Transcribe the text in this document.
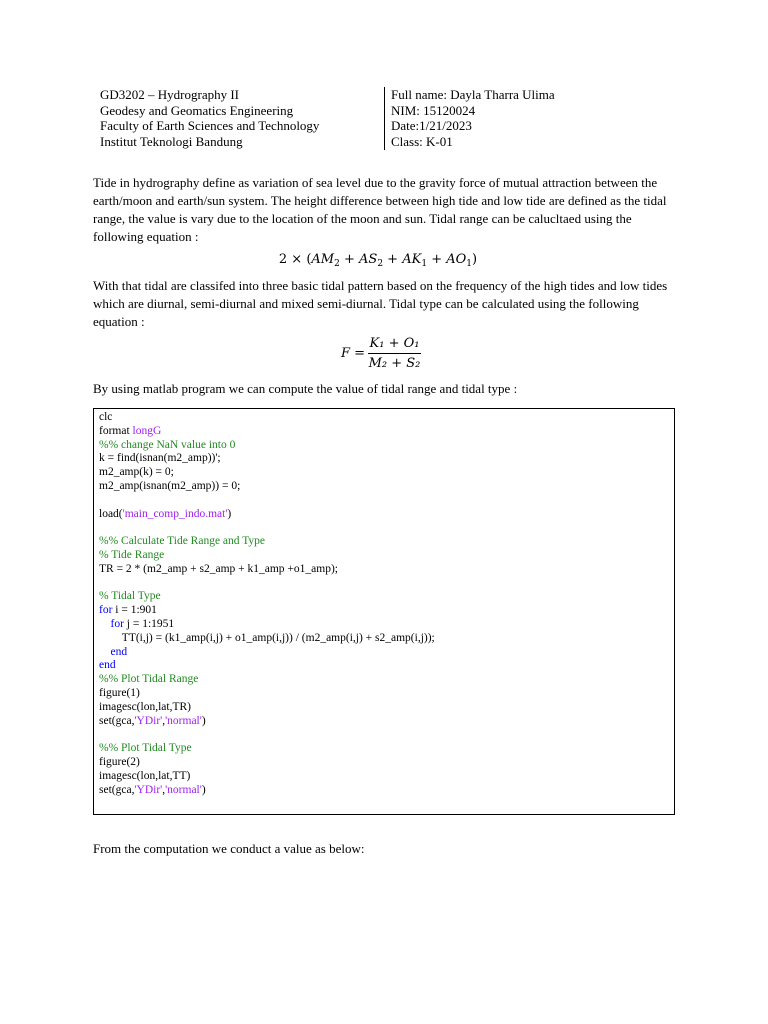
GD3202 – Hydrography II
Geodesy and Geomatics Engineering
Faculty of Earth Sciences and Technology
Institut Teknologi Bandung
Full name: Dayla Tharra Ulima
NIM: 15120024
Date:1/21/2023
Class: K-01
Tide in hydrography define as variation of sea level due to the gravity force of mutual attraction between the earth/moon and earth/sun system. The height difference between high tide and low tide are defined as the tidal range, the value is vary due to the location of the moon and sun. Tidal range can be calucltaed using the following equation :
$2 \times (AM_2 + AS_2 + AK_1 + AO_1)$
With that tidal are classifed into three basic tidal pattern based on the frequency of the high tides and low tides which are diurnal, semi-diurnal and mixed semi-diurnal. Tidal type can be calculated using the following equation :
F =
K₁ + O₁
M₂ + S₂
By using matlab program we can compute the value of tidal range and tidal type :
clc
format longG
%% change NaN value into 0
k = find(isnan(m2_amp))';
m2_amp(k) = 0;
m2_amp(isnan(m2_amp)) = 0;
load('main_comp_indo.mat')
%% Calculate Tide Range and Type
% Tide Range
TR = 2 * (m2_amp + s2_amp + k1_amp +o1_amp);
% Tidal Type
for i = 1:901
for j = 1:1951
TT(i,j) = (k1_amp(i,j) + o1_amp(i,j)) / (m2_amp(i,j) + s2_amp(i,j));
end
end
%% Plot Tidal Range
figure(1)
imagesc(lon,lat,TR)
set(gca,'YDir','normal')
%% Plot Tidal Type
figure(2)
imagesc(lon,lat,TT)
set(gca,'YDir','normal')
From the computation we conduct a value as below:
